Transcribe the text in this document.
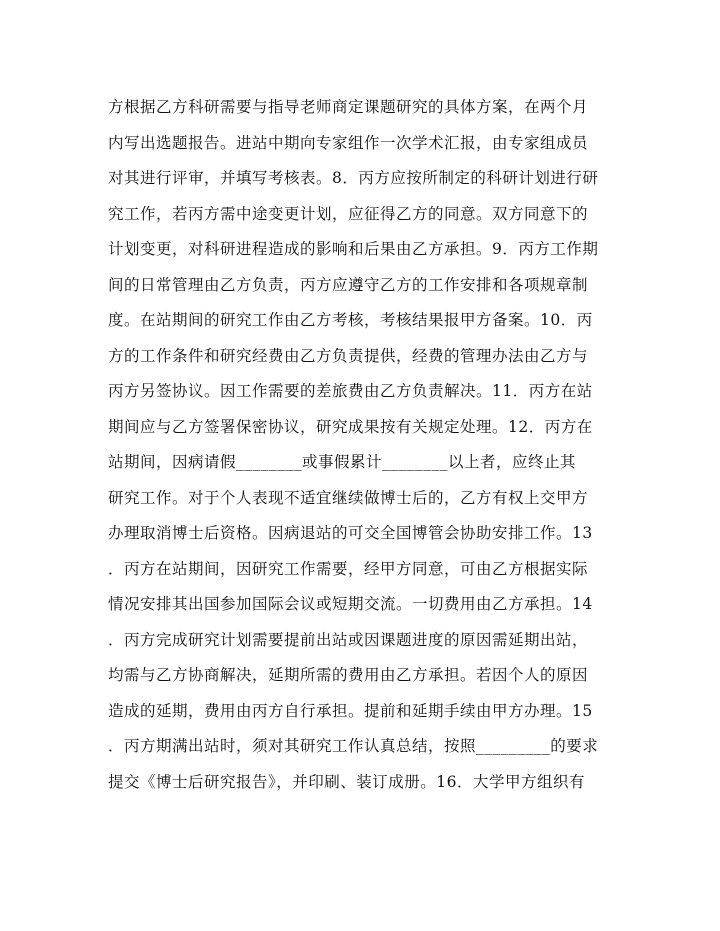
方根据乙方科研需要与指导老师商定课题研究的具体方案，在两个月
内写出选题报告。进站中期向专家组作一次学术汇报，由专家组成员
对其进行评审，并填写考核表。8．丙方应按所制定的科研计划进行研
究工作，若丙方需中途变更计划，应征得乙方的同意。双方同意下的
计划变更，对科研进程造成的影响和后果由乙方承担。9．丙方工作期
间的日常管理由乙方负责，丙方应遵守乙方的工作安排和各项规章制
度。在站期间的研究工作由乙方考核，考核结果报甲方备案。10．丙
方的工作条件和研究经费由乙方负责提供，经费的管理办法由乙方与
丙方另签协议。因工作需要的差旅费由乙方负责解决。11．丙方在站
期间应与乙方签署保密协议，研究成果按有关规定处理。12．丙方在
站期间，因病请假________或事假累计________以上者，应终止其
研究工作。对于个人表现不适宜继续做博士后的，乙方有权上交甲方
办理取消博士后资格。因病退站的可交全国博管会协助安排工作。13
．丙方在站期间，因研究工作需要，经甲方同意，可由乙方根据实际
情况安排其出国参加国际会议或短期交流。一切费用由乙方承担。14
．丙方完成研究计划需要提前出站或因课题进度的原因需延期出站，
均需与乙方协商解决，延期所需的费用由乙方承担。若因个人的原因
造成的延期，费用由丙方自行承担。提前和延期手续由甲方办理。15
．丙方期满出站时，须对其研究工作认真总结，按照_________的要求
提交《博士后研究报告》，并印刷、装订成册。16．大学甲方组织有
